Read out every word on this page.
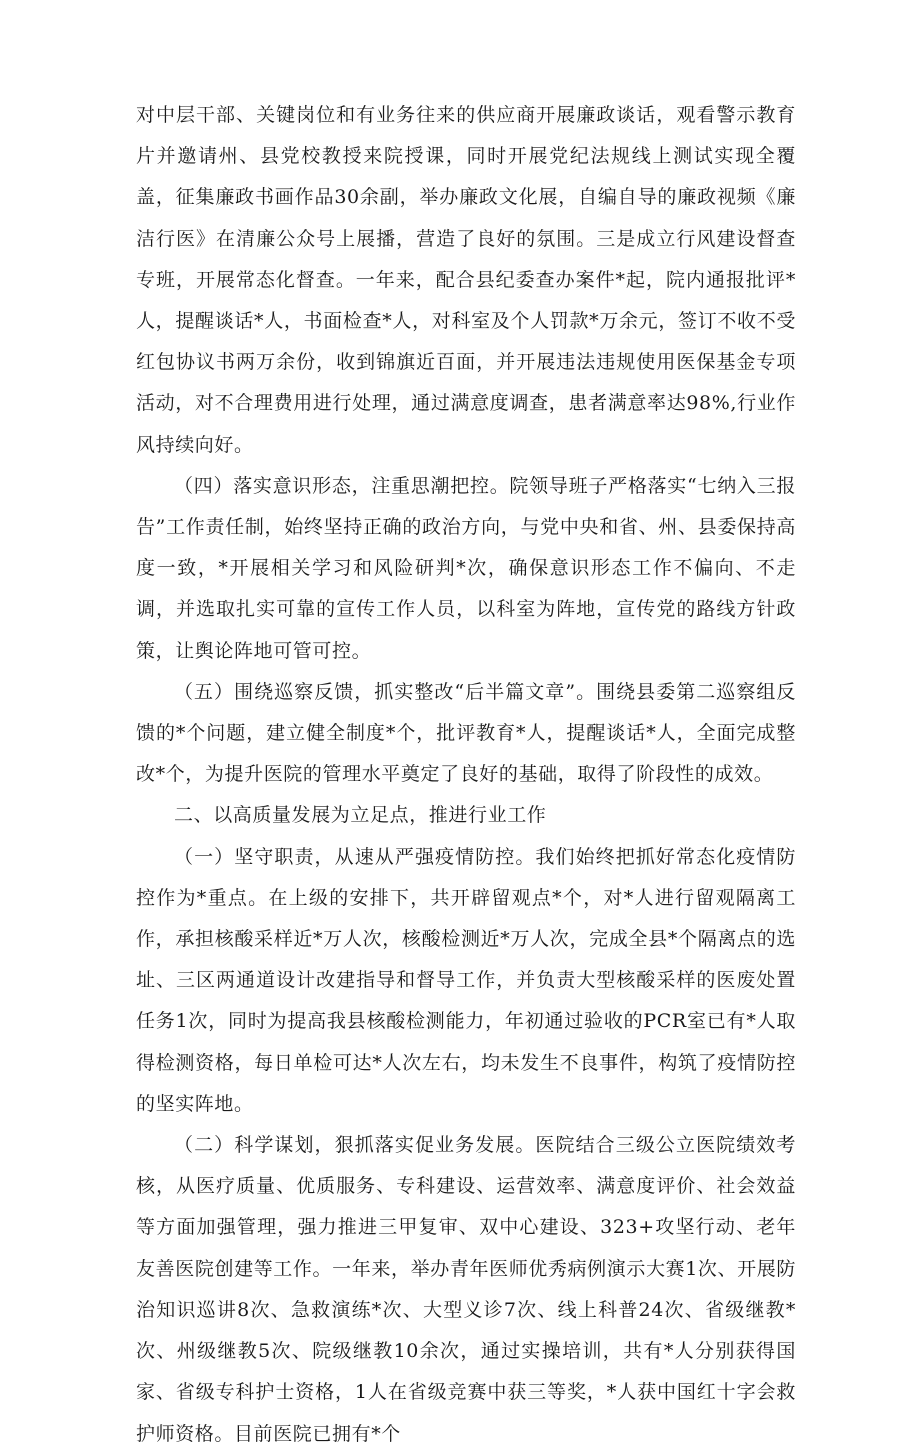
对中层干部、关键岗位和有业务往来的供应商开展廉政谈话，观看警示教育片并邀请州、县党校教授来院授课，同时开展党纪法规线上测试实现全覆盖，征集廉政书画作品30余副，举办廉政文化展，自编自导的廉政视频《廉洁行医》在清廉公众号上展播，营造了良好的氛围。三是成立行风建设督查专班，开展常态化督查。一年来，配合县纪委查办案件*起，院内通报批评*人，提醒谈话*人，书面检查*人，对科室及个人罚款*万余元，签订不收不受红包协议书两万余份，收到锦旗近百面，并开展违法违规使用医保基金专项活动，对不合理费用进行处理，通过满意度调查，患者满意率达98%,行业作风持续向好。

（四）落实意识形态，注重思潮把控。院领导班子严格落实“七纳入三报告”工作责任制，始终坚持正确的政治方向，与党中央和省、州、县委保持高度一致，*开展相关学习和风险研判*次，确保意识形态工作不偏向、不走调，并选取扎实可靠的宣传工作人员，以科室为阵地，宣传党的路线方针政策，让舆论阵地可管可控。

（五）围绕巡察反馈，抓实整改“后半篇文章”。围绕县委第二巡察组反馈的*个问题，建立健全制度*个，批评教育*人，提醒谈话*人，全面完成整改*个，为提升医院的管理水平奠定了良好的基础，取得了阶段性的成效。

二、以高质量发展为立足点，推进行业工作

（一）坚守职责，从速从严强疫情防控。我们始终把抓好常态化疫情防控作为*重点。在上级的安排下，共开辟留观点*个，对*人进行留观隔离工作，承担核酸采样近*万人次，核酸检测近*万人次，完成全县*个隔离点的选址、三区两通道设计改建指导和督导工作，并负责大型核酸采样的医废处置任务1次，同时为提高我县核酸检测能力，年初通过验收的PCR室已有*人取得检测资格，每日单检可达*人次左右，均未发生不良事件，构筑了疫情防控的坚实阵地。

（二）科学谋划，狠抓落实促业务发展。医院结合三级公立医院绩效考核，从医疗质量、优质服务、专科建设、运营效率、满意度评价、社会效益等方面加强管理，强力推进三甲复审、双中心建设、323+攻坚行动、老年友善医院创建等工作。一年来，举办青年医师优秀病例演示大赛1次、开展防治知识巡讲8次、急救演练*次、大型义诊7次、线上科普24次、省级继教*次、州级继教5次、院级继教10余次，通过实操培训，共有*人分别获得国家、省级专科护士资格，1人在省级竞赛中获三等奖，*人获中国红十字会救护师资格。目前医院已拥有*个
